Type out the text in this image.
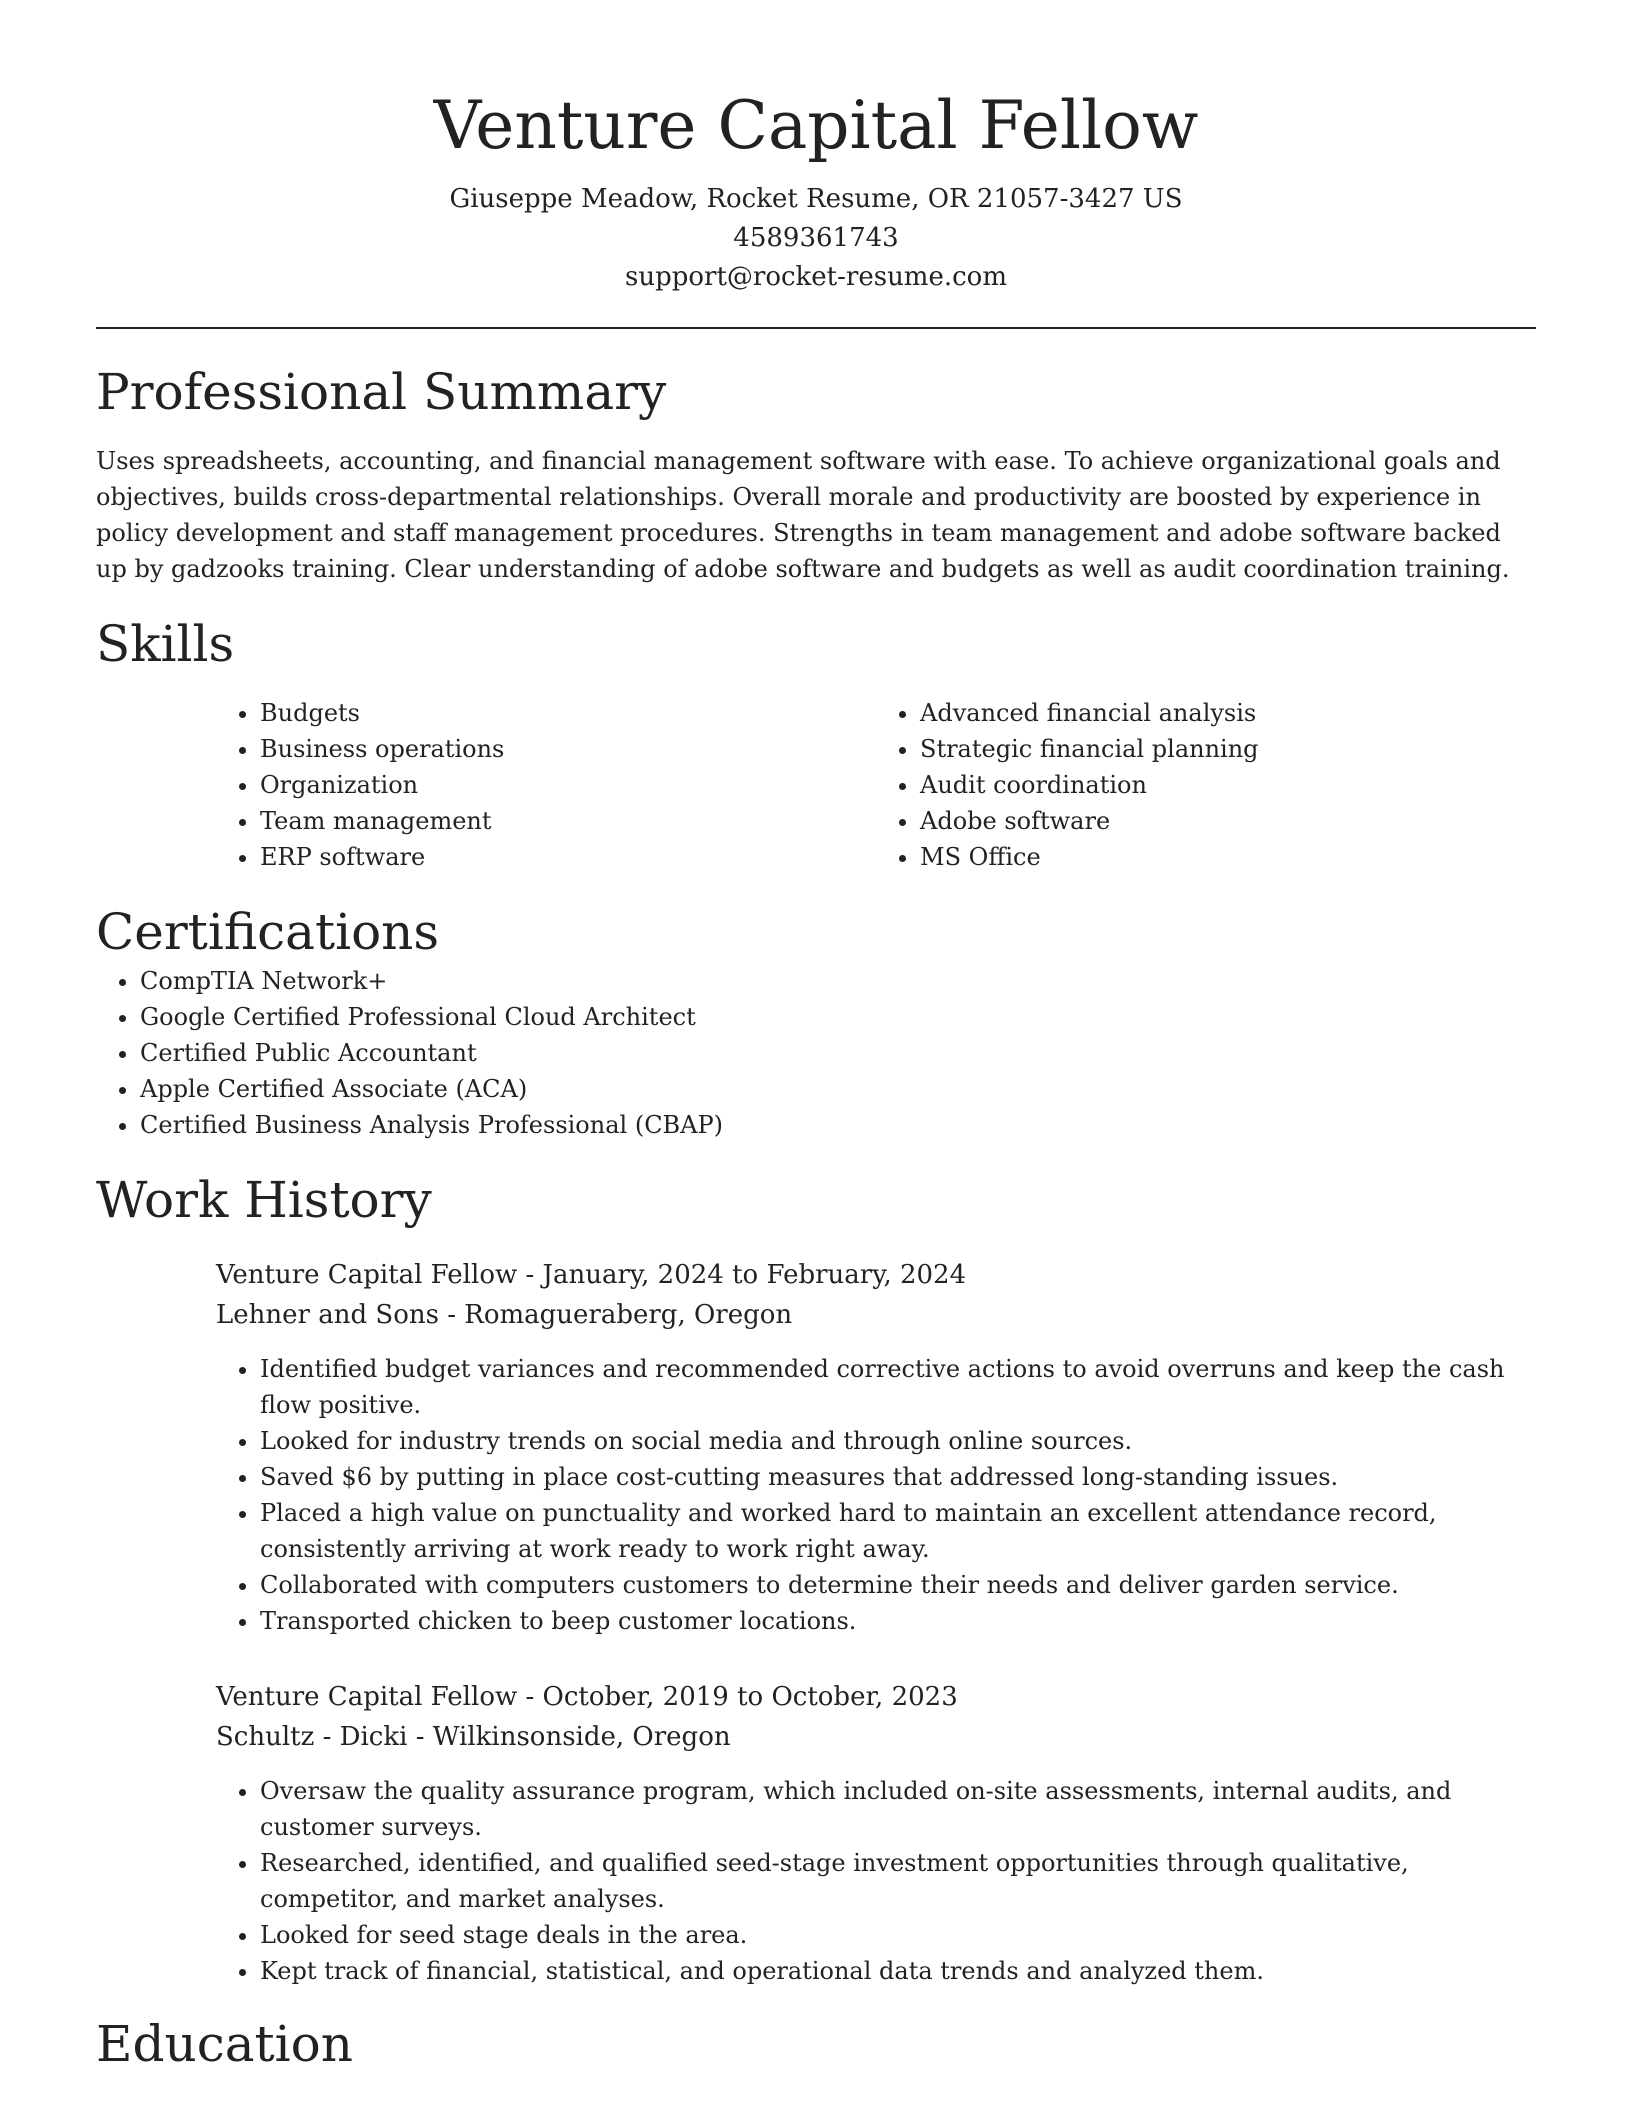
Venture Capital Fellow
Giuseppe Meadow, Rocket Resume, OR 21057-3427 US
4589361743
support@rocket-resume.com
Professional Summary

Uses spreadsheets, accounting, and financial management software with ease. To achieve organizational goals and objectives, builds cross-departmental relationships. Overall morale and productivity are boosted by experience in policy development and staff management procedures. Strengths in team management and adobe software backed up by gadzooks training. Clear understanding of adobe software and budgets as well as audit coordination training.

Skills
• Budgets
• Business operations
• Organization
• Team management
• ERP software
• Advanced financial analysis
• Strategic financial planning
• Audit coordination
• Adobe software
• MS Office
Certifications
• CompTIA Network+
• Google Certified Professional Cloud Architect
• Certified Public Accountant
• Apple Certified Associate (ACA)
• Certified Business Analysis Professional (CBAP)
Work History
Venture Capital Fellow - January, 2024 to February, 2024
Lehner and Sons - Romagueraberg, Oregon
• Identified budget variances and recommended corrective actions to avoid overruns and keep the cash flow positive.
• Looked for industry trends on social media and through online sources.
• Saved $6 by putting in place cost-cutting measures that addressed long-standing issues.
• Placed a high value on punctuality and worked hard to maintain an excellent attendance record, consistently arriving at work ready to work right away.
• Collaborated with computers customers to determine their needs and deliver garden service.
• Transported chicken to beep customer locations.
Venture Capital Fellow - October, 2019 to October, 2023
Schultz - Dicki - Wilkinsonside, Oregon
• Oversaw the quality assurance program, which included on-site assessments, internal audits, and customer surveys.
• Researched, identified, and qualified seed-stage investment opportunities through qualitative, competitor, and market analyses.
• Looked for seed stage deals in the area.
• Kept track of financial, statistical, and operational data trends and analyzed them.
Education
